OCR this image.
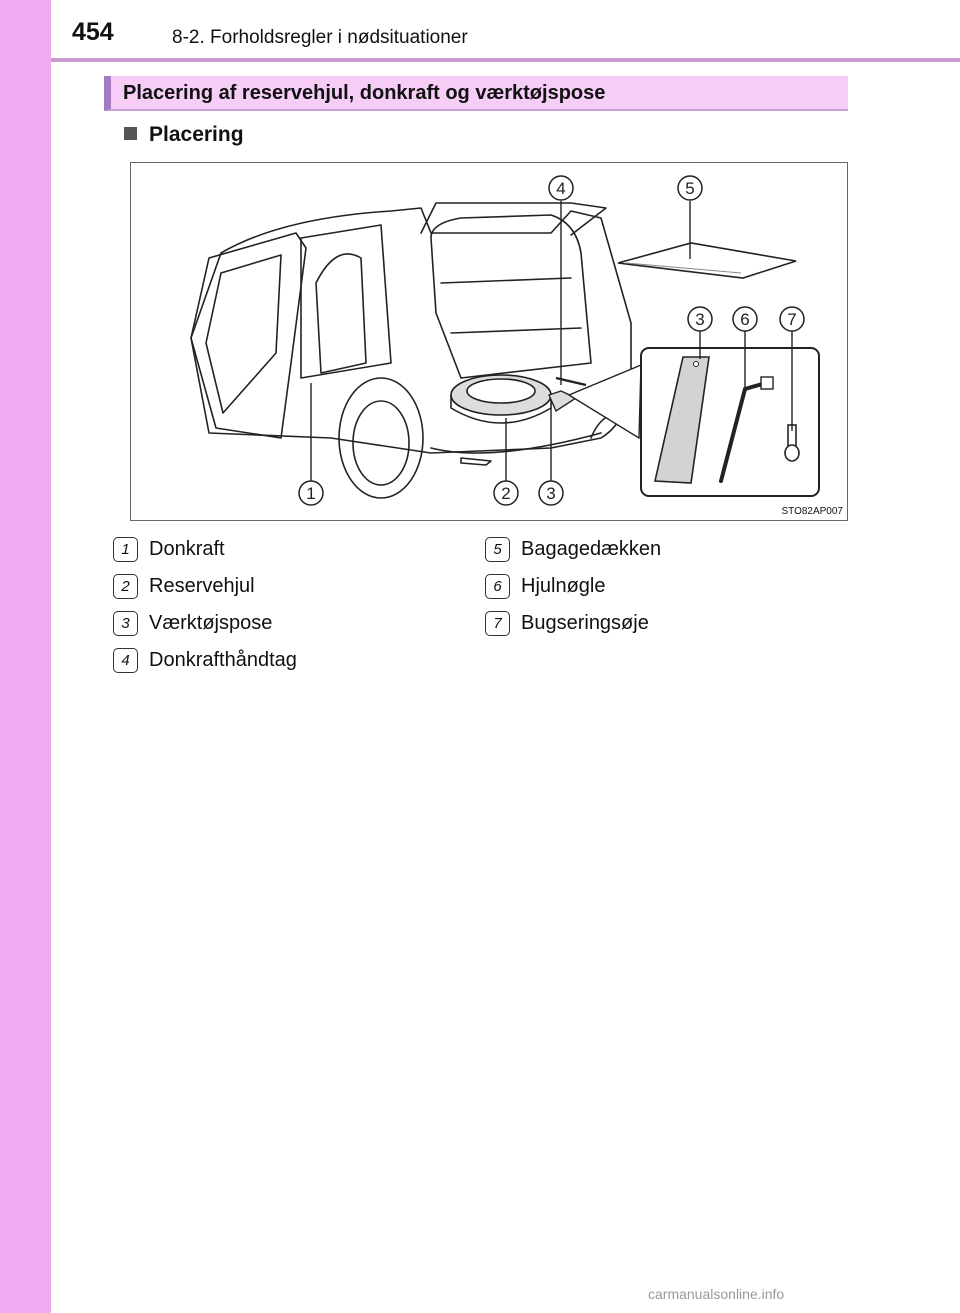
454	8-2. Forholdsregler i nødsituationer
Placering af reservehjul, donkraft og værktøjspose
Placering
1	2 3
3
4	5
6 7
STO82AP007
1 Donkraft
2 Reservehjul
3 Værktøjspose
4 Donkrafthåndtag
5 Bagagedækken
6 Hjulnøgle
7 Bugseringsøje
carmanualsonline.info
